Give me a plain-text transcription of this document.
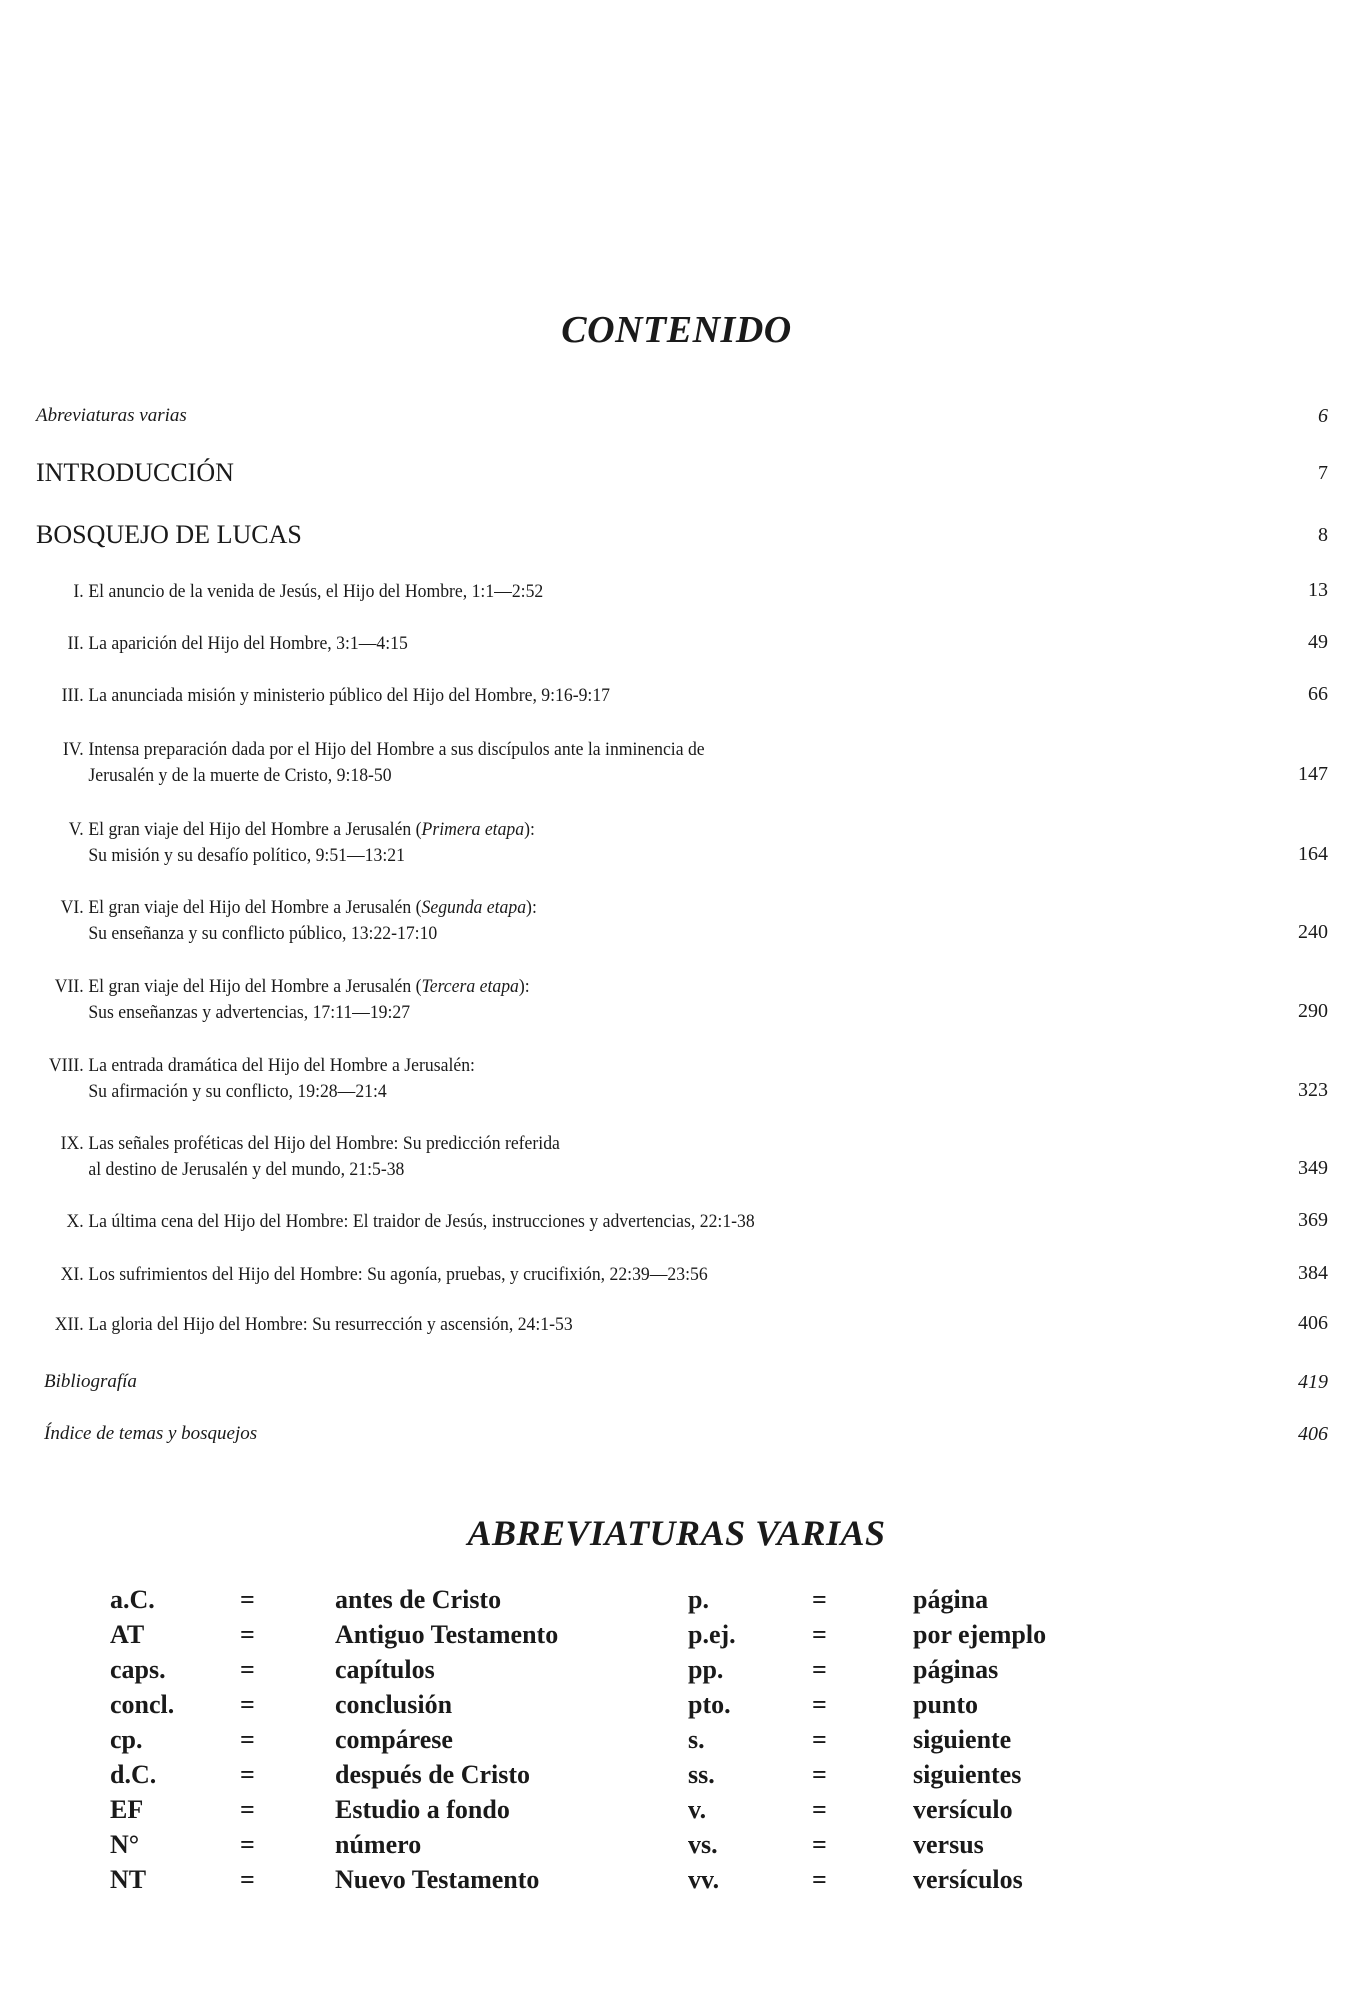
CONTENIDO
Abreviaturas varias	6
INTRODUCCIÓN	7
BOSQUEJO DE LUCAS	8
I. El anuncio de la venida de Jesús, el Hijo del Hombre, 1:1—2:52	13
II. La aparición del Hijo del Hombre, 3:1—4:15	49
III. La anunciada misión y ministerio público del Hijo del Hombre, 9:16-9:17	66
IV. Intensa preparación dada por el Hijo del Hombre a sus discípulos ante la inminencia de
Jerusalén y de la muerte de Cristo, 9:18-50	147
V. El gran viaje del Hijo del Hombre a Jerusalén (Primera etapa):
Su misión y su desafío político, 9:51—13:21	164
VI. El gran viaje del Hijo del Hombre a Jerusalén (Segunda etapa):
Su enseñanza y su conflicto público, 13:22-17:10	240
VII. El gran viaje del Hijo del Hombre a Jerusalén (Tercera etapa):
Sus enseñanzas y advertencias, 17:11—19:27	290
VIII. La entrada dramática del Hijo del Hombre a Jerusalén:
Su afirmación y su conflicto, 19:28—21:4	323
IX. Las señales proféticas del Hijo del Hombre: Su predicción referida
al destino de Jerusalén y del mundo, 21:5-38	349
X. La última cena del Hijo del Hombre: El traidor de Jesús, instrucciones y advertencias, 22:1-38	369
XI. Los sufrimientos del Hijo del Hombre: Su agonía, pruebas, y crucifixión, 22:39—23:56	384
XII. La gloria del Hijo del Hombre: Su resurrección y ascensión, 24:1-53	406
Bibliografía	419
Índice de temas y bosquejos	406
ABREVIATURAS VARIAS
a.C.	=	antes de Cristo
AT	=	Antiguo Testamento
caps.	=	capítulos
concl.	=	conclusión
cp.	=	compárese
d.C.	=	después de Cristo
EF	=	Estudio a fondo
N°	=	número
NT	=	Nuevo Testamento
p.	=	página
p.ej.	=	por ejemplo
pp.	=	páginas
pto.	=	punto
s.	=	siguiente
ss.	=	siguientes
v.	=	versículo
vs.	=	versus
vv.	=	versículos
